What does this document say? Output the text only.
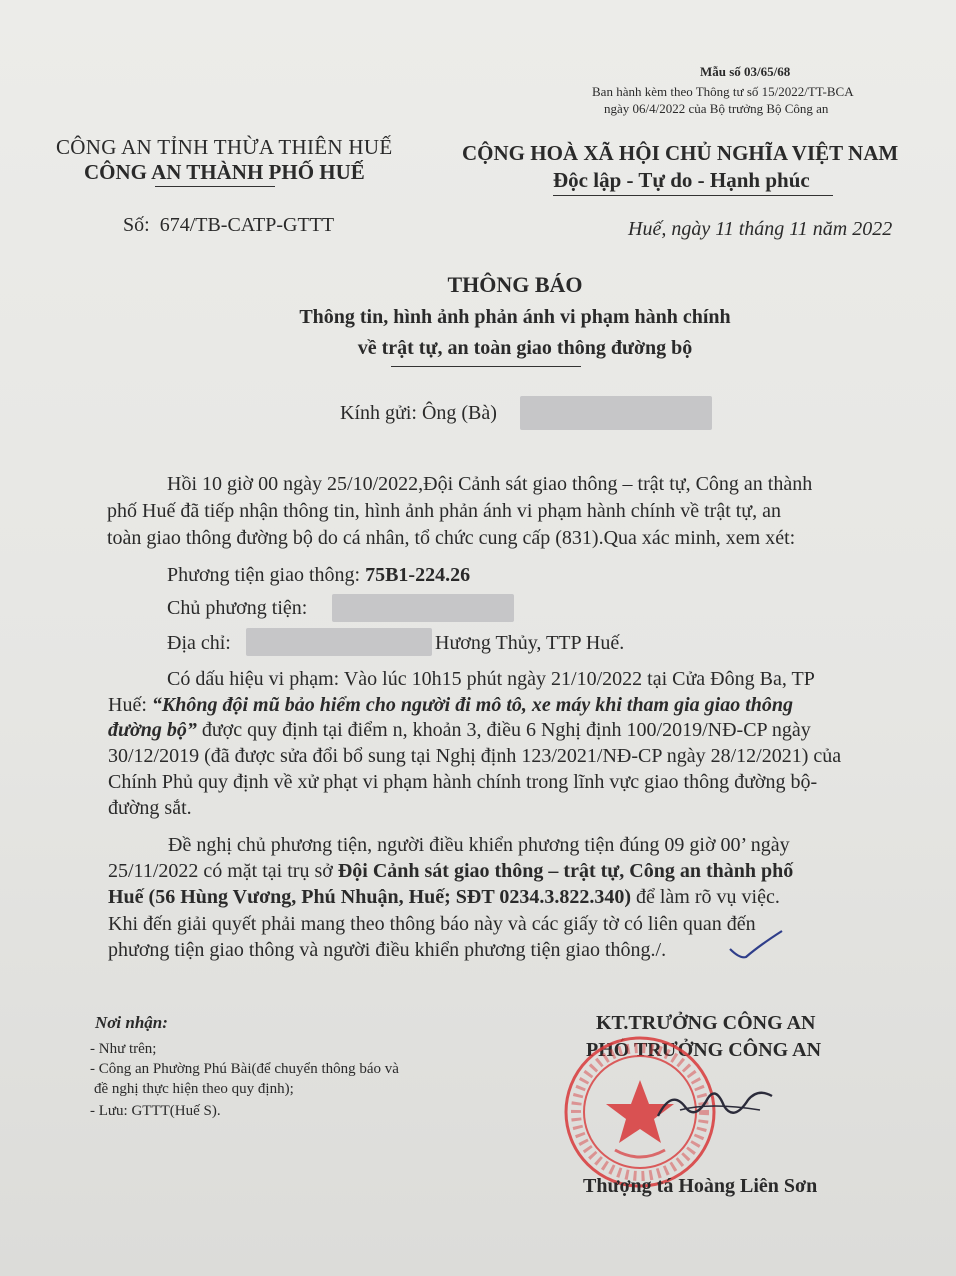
Mẫu số 03/65/68
Ban hành kèm theo Thông tư số 15/2022/TT-BCA
ngày 06/4/2022 của Bộ trưởng Bộ Công an
CÔNG AN TỈNH THỪA THIÊN HUẾ
CÔNG AN THÀNH PHỐ HUẾ
CỘNG HOÀ XÃ HỘI CHỦ NGHĨA VIỆT NAM
Độc lập - Tự do - Hạnh phúc
Số: 674/TB-CATP-GTTT	Huế, ngày 11 tháng 11 năm 2022
THÔNG BÁO
Thông tin, hình ảnh phản ánh vi phạm hành chính
về trật tự, an toàn giao thông đường bộ
Kính gửi: Ông (Bà)
Hồi 10 giờ 00 ngày 25/10/2022,Đội Cảnh sát giao thông – trật tự, Công an thành
phố Huế đã tiếp nhận thông tin, hình ảnh phản ánh vi phạm hành chính về trật tự, an
toàn giao thông đường bộ do cá nhân, tổ chức cung cấp (831).Qua xác minh, xem xét:
Phương tiện giao thông: 75B1-224.26
Chủ phương tiện:
Địa chỉ:	Hương Thủy, TTP Huế.
Có dấu hiệu vi phạm: Vào lúc 10h15 phút ngày 21/10/2022 tại Cửa Đông Ba, TP
Huế: “Không đội mũ bảo hiểm cho người đi mô tô, xe máy khi tham gia giao thông
đường bộ” được quy định tại điểm n, khoản 3, điều 6 Nghị định 100/2019/NĐ-CP ngày
30/12/2019 (đã được sửa đổi bổ sung tại Nghị định 123/2021/NĐ-CP ngày 28/12/2021) của
Chính Phủ quy định về xử phạt vi phạm hành chính trong lĩnh vực giao thông đường bộ-
đường sắt.
Đề nghị chủ phương tiện, người điều khiển phương tiện đúng 09 giờ 00’ ngày
25/11/2022 có mặt tại trụ sở Đội Cảnh sát giao thông – trật tự, Công an thành phố
Huế (56 Hùng Vương, Phú Nhuận, Huế; SĐT 0234.3.822.340) để làm rõ vụ việc.
Khi đến giải quyết phải mang theo thông báo này và các giấy tờ có liên quan đến
phương tiện giao thông và người điều khiển phương tiện giao thông./.
Nơi nhận:
- Như trên;
- Công an Phường Phú Bài(để chuyển thông báo và
đề nghị thực hiện theo quy định);
- Lưu: GTTT(Huế S).
KT.TRƯỞNG CÔNG AN
PHÓ TRƯỞNG CÔNG AN
Thượng tá Hoàng Liên Sơn
